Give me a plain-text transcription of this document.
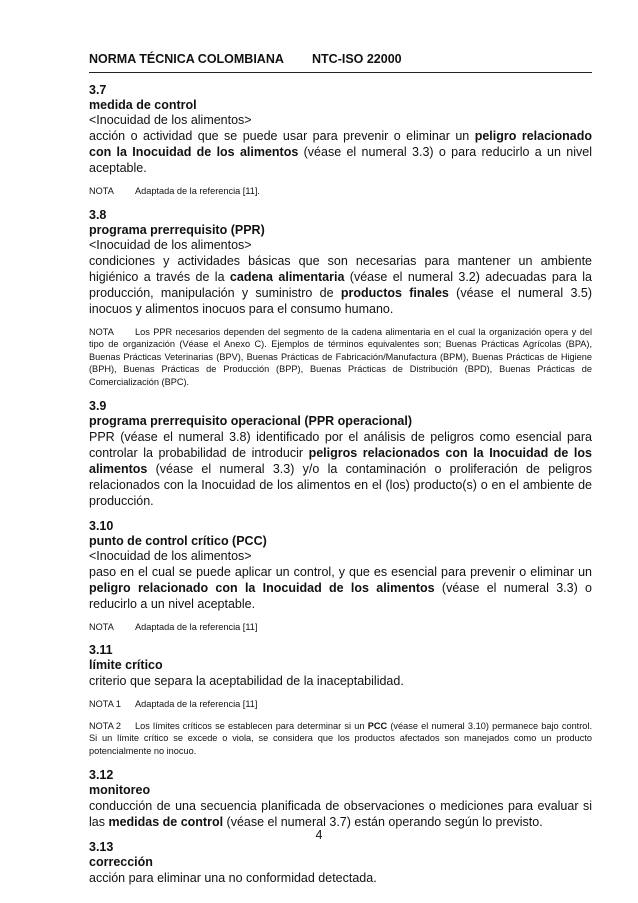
NORMA TÉCNICA COLOMBIANA NTC-ISO 22000
3.7
medida de control
<Inocuidad de los alimentos>
acción o actividad que se puede usar para prevenir o eliminar un peligro relacionado con la Inocuidad de los alimentos (véase el numeral 3.3) o para reducirlo a un nivel aceptable.
NOTA Adaptada de la referencia [11].
3.8
programa prerrequisito (PPR)
<Inocuidad de los alimentos>
condiciones y actividades básicas que son necesarias para mantener un ambiente higiénico a través de la cadena alimentaria (véase el numeral 3.2) adecuadas para la producción, manipulación y suministro de productos finales (véase el numeral 3.5) inocuos y alimentos inocuos para el consumo humano.
NOTA Los PPR necesarios dependen del segmento de la cadena alimentaria en el cual la organización opera y del tipo de organización (Véase el Anexo C). Ejemplos de términos equivalentes son; Buenas Prácticas Agrícolas (BPA), Buenas Prácticas Veterinarias (BPV), Buenas Prácticas de Fabricación/Manufactura (BPM), Buenas Prácticas de Higiene (BPH), Buenas Prácticas de Producción (BPP), Buenas Prácticas de Distribución (BPD), Buenas Prácticas de Comercialización (BPC).
3.9
programa prerrequisito operacional (PPR operacional)
PPR (véase el numeral 3.8) identificado por el análisis de peligros como esencial para controlar la probabilidad de introducir peligros relacionados con la Inocuidad de los alimentos (véase el numeral 3.3) y/o la contaminación o proliferación de peligros relacionados con la Inocuidad de los alimentos en el (los) producto(s) o en el ambiente de producción.
3.10
punto de control crítico (PCC)
<Inocuidad de los alimentos>
paso en el cual se puede aplicar un control, y que es esencial para prevenir o eliminar un peligro relacionado con la Inocuidad de los alimentos (véase el numeral 3.3) o reducirlo a un nivel aceptable.
NOTA Adaptada de la referencia [11]
3.11
límite crítico
criterio que separa la aceptabilidad de la inaceptabilidad.
NOTA 1 Adaptada de la referencia [11]
NOTA 2 Los límites críticos se establecen para determinar si un PCC (véase el numeral 3.10) permanece bajo control. Si un límite crítico se excede o viola, se considera que los productos afectados son manejados como un producto potencialmente no inocuo.
3.12
monitoreo
conducción de una secuencia planificada de observaciones o mediciones para evaluar si las medidas de control (véase el numeral 3.7) están operando según lo previsto.
3.13
corrección
acción para eliminar una no conformidad detectada.
4
